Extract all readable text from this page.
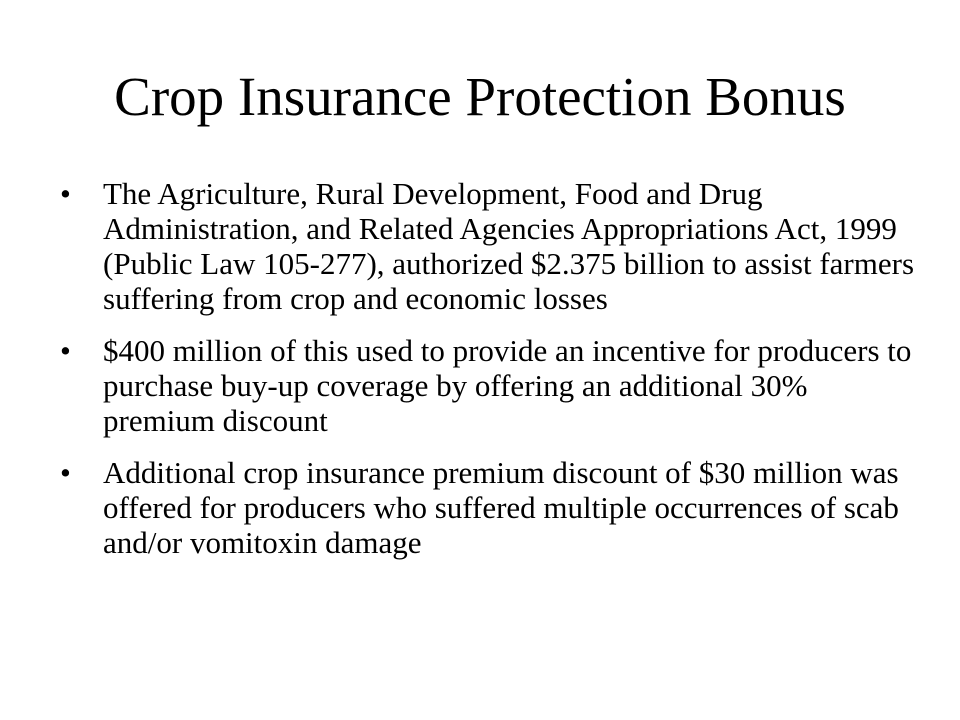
Crop Insurance Protection Bonus
•	The Agriculture, Rural Development, Food and Drug Administration, and Related Agencies Appropriations Act, 1999 (Public Law 105-277), authorized $2.375 billion to assist farmers suffering from crop and economic losses
•	$400 million of this used to provide an incentive for producers to purchase buy-up coverage by offering an additional 30% premium discount
•	Additional crop insurance premium discount of $30 million was offered for producers who suffered multiple occurrences of scab and/or vomitoxin damage
